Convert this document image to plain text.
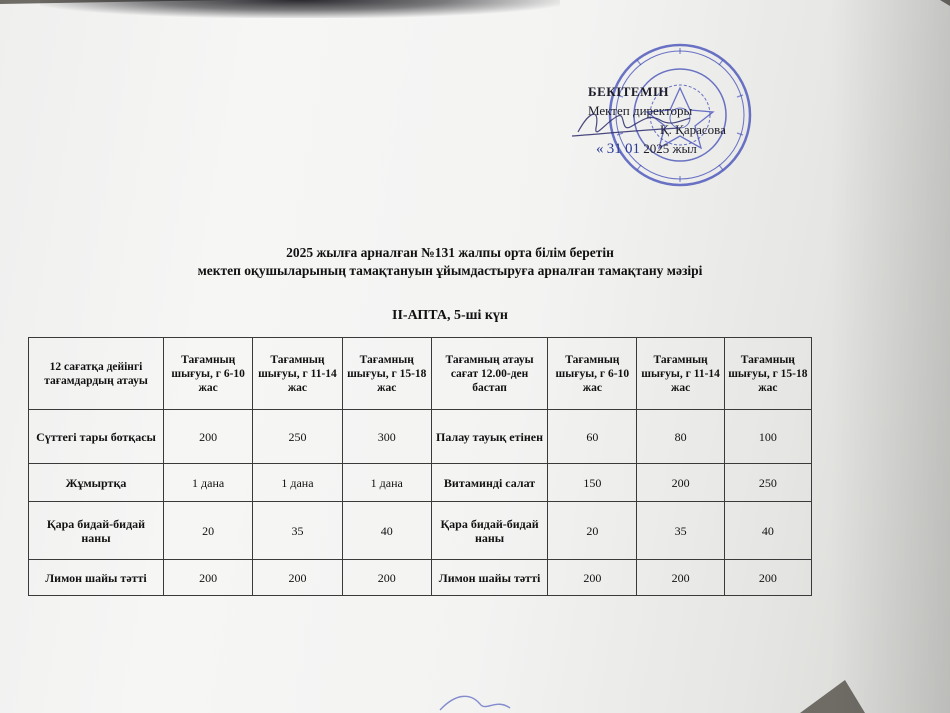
БЕКІТЕМІН
Мектеп директоры
Қ. Қарасова
« 31 01 2025 жыл
2025 жылға арналған №131 жалпы орта білім беретін
мектеп оқушыларының тамақтануын ұйымдастыруға арналған тамақтану мәзірі
ІІ-АПТА, 5-ші күн
12 сағатқа дейінгі тағамдардың атауы	Тағамның шығуы, г 6-10 жас	Тағамның шығуы, г 11-14 жас	Тағамның шығуы, г 15-18 жас	Тағамның атауы сағат 12.00-ден бастап	Тағамның шығуы, г 6-10 жас	Тағамның шығуы, г 11-14 жас	Тағамның шығуы, г 15-18 жас
Сүттегі тары ботқасы	200	250	300	Палау тауық етінен	60	80	100
Жұмыртқа	1 дана	1 дана	1 дана	Витаминді салат	150	200	250
Қара бидай-бидай наны	20	35	40	Қара бидай-бидай наны	20	35	40
Лимон шайы тәтті	200	200	200	Лимон шайы тәтті	200	200	200
